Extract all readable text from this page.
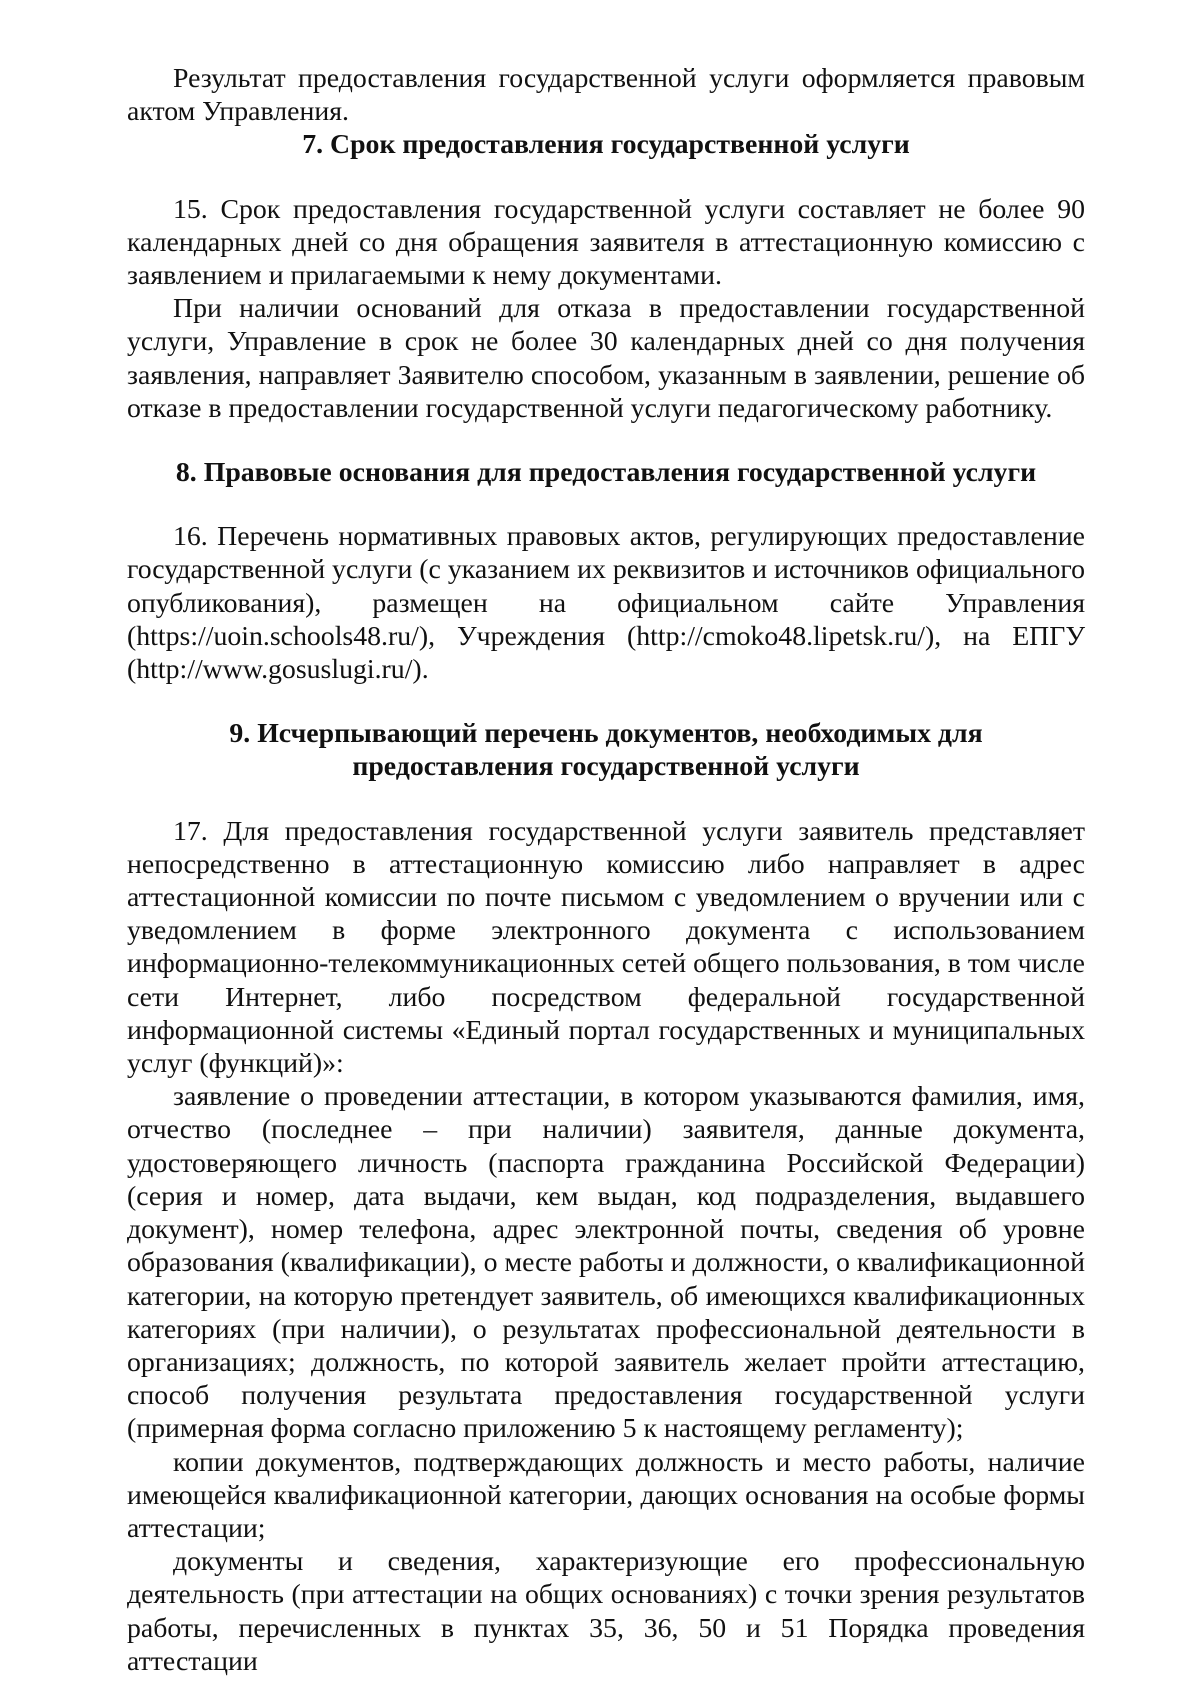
Результат предоставления государственной услуги оформляется правовым актом Управления.

7. Срок предоставления государственной услуги

15. Срок предоставления государственной услуги составляет не более 90 календарных дней со дня обращения заявителя в аттестационную комиссию с заявлением и прилагаемыми к нему документами.

При наличии оснований для отказа в предоставлении государственной услуги, Управление в срок не более 30 календарных дней со дня получения заявления, направляет Заявителю способом, указанным в заявлении, решение об отказе в предоставлении государственной услуги педагогическому работнику.

8. Правовые основания для предоставления государственной услуги

16. Перечень нормативных правовых актов, регулирующих предоставление государственной услуги (с указанием их реквизитов и источников официального опубликования), размещен на официальном сайте Управления (https://uoin.schools48.ru/), Учреждения (http://cmoko48.lipetsk.ru/), на ЕПГУ (http://www.gosuslugi.ru/).

9. Исчерпывающий перечень документов, необходимых для предоставления государственной услуги

17. Для предоставления государственной услуги заявитель представляет непосредственно в аттестационную комиссию либо направляет в адрес аттестационной комиссии по почте письмом с уведомлением о вручении или с уведомлением в форме электронного документа с использованием информационно-телекоммуникационных сетей общего пользования, в том числе сети Интернет, либо посредством федеральной государственной информационной системы «Единый портал государственных и муниципальных услуг (функций)»:

заявление о проведении аттестации, в котором указываются фамилия, имя, отчество (последнее – при наличии) заявителя, данные документа, удостоверяющего личность (паспорта гражданина Российской Федерации) (серия и номер, дата выдачи, кем выдан, код подразделения, выдавшего документ), номер телефона, адрес электронной почты, сведения об уровне образования (квалификации), о месте работы и должности, о квалификационной категории, на которую претендует заявитель, об имеющихся квалификационных категориях (при наличии), о результатах профессиональной деятельности в организациях; должность, по которой заявитель желает пройти аттестацию, способ получения результата предоставления государственной услуги (примерная форма согласно приложению 5 к настоящему регламенту);

копии документов, подтверждающих должность и место работы, наличие имеющейся квалификационной категории, дающих основания на особые формы аттестации;

документы и сведения, характеризующие его профессиональную деятельность (при аттестации на общих основаниях) с точки зрения результатов работы, перечисленных в пунктах 35, 36, 50 и 51 Порядка проведения аттестации
